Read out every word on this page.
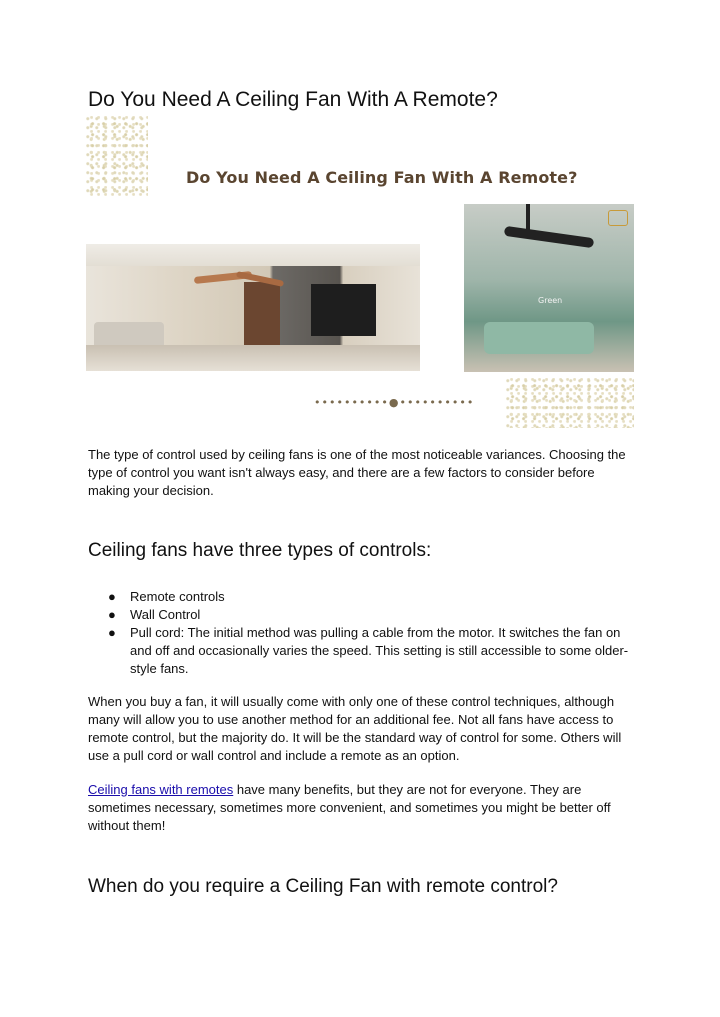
Do You Need A Ceiling Fan With A Remote?
Do You Need A Ceiling Fan With A Remote?
Green
••••••••••●••••••••••

The type of control used by ceiling fans is one of the most noticeable variances. Choosing the type of control you want isn't always easy, and there are a few factors to consider before making your decision.

Ceiling fans have three types of controls:
● Remote controls
● Wall Control
● Pull cord: The initial method was pulling a cable from the motor. It switches the fan on and off and occasionally varies the speed. This setting is still accessible to some older-style fans.

When you buy a fan, it will usually come with only one of these control techniques, although many will allow you to use another method for an additional fee. Not all fans have access to remote control, but the majority do. It will be the standard way of control for some. Others will use a pull cord or wall control and include a remote as an option.

Ceiling fans with remotes have many benefits, but they are not for everyone. They are sometimes necessary, sometimes more convenient, and sometimes you might be better off without them!

When do you require a Ceiling Fan with remote control?
